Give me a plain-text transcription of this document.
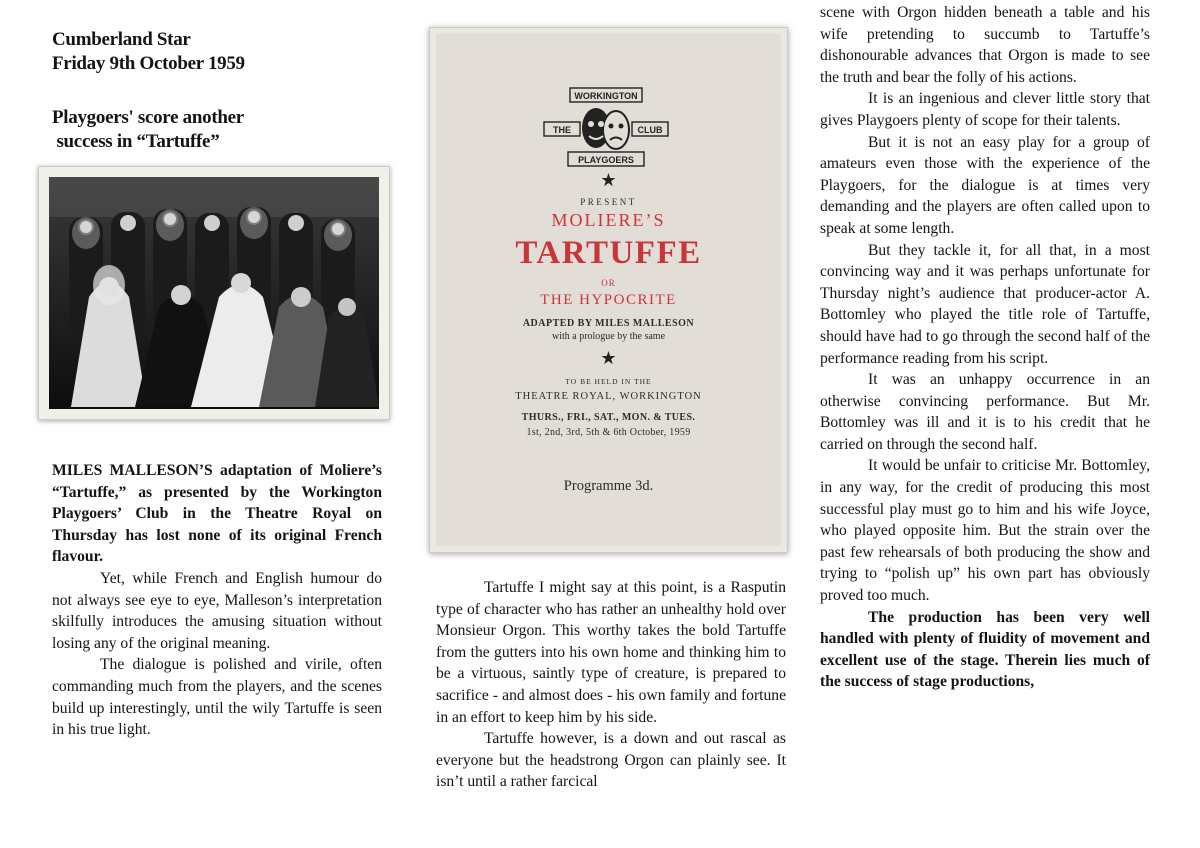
Cumberland Star
Friday 9th October 1959
Playgoers' score another
success in “Tartuffe”

MILES MALLESON’S adaptation of Moliere’s “Tartuffe,” as presented by the Workington Playgoers’ Club in the Theatre Royal on Thursday has lost none of its original French flavour.

Yet, while French and English humour do not always see eye to eye, Malleson’s interpretation skilfully introduces the amusing situation without losing any of the original meaning.

The dialogue is polished and virile, often commanding much from the players, and the scenes build up interestingly, until the wily Tartuffe is seen in his true light.

WORKINGTON
THE	CLUB
PLAYGOERS
★
PRESENT
MOLIERE’S
TARTUFFE
OR
THE HYPOCRITE
ADAPTED BY MILES MALLESON
with a prologue by the same
★
TO BE HELD IN THE
THEATRE ROYAL, WORKINGTON
THURS., FRI., SAT., MON. & TUES.
1st, 2nd, 3rd, 5th & 6th October, 1959
Programme 3d.

Tartuffe I might say at this point, is a Rasputin type of character who has rather an unhealthy hold over Monsieur Orgon. This worthy takes the bold Tartuffe from the gutters into his own home and thinking him to be a virtuous, saintly type of creature, is prepared to sacrifice - and almost does - his own family and fortune in an effort to keep him by his side.

Tartuffe however, is a down and out rascal as everyone but the headstrong Orgon can plainly see. It isn’t until a rather farcical

scene with Orgon hidden beneath a table and his wife pretending to succumb to Tartuffe’s dishonourable advances that Orgon is made to see the truth and bear the folly of his actions.

It is an ingenious and clever little story that gives Playgoers plenty of scope for their talents.

But it is not an easy play for a group of amateurs even those with the experience of the Playgoers, for the dialogue is at times very demanding and the players are often called upon to speak at some length.

But they tackle it, for all that, in a most convincing way and it was perhaps unfortunate for Thursday night’s audience that producer-actor A. Bottomley who played the title role of Tartuffe, should have had to go through the second half of the performance reading from his script.

It was an unhappy occurrence in an otherwise convincing performance. But Mr. Bottomley was ill and it is to his credit that he carried on through the second half.

It would be unfair to criticise Mr. Bottomley, in any way, for the credit of producing this most successful play must go to him and his wife Joyce, who played opposite him. But the strain over the past few rehearsals of both producing the show and trying to “polish up” his own part has obviously proved too much.

The production has been very well handled with plenty of fluidity of movement and excellent use of the stage. Therein lies much of the success of stage productions,
